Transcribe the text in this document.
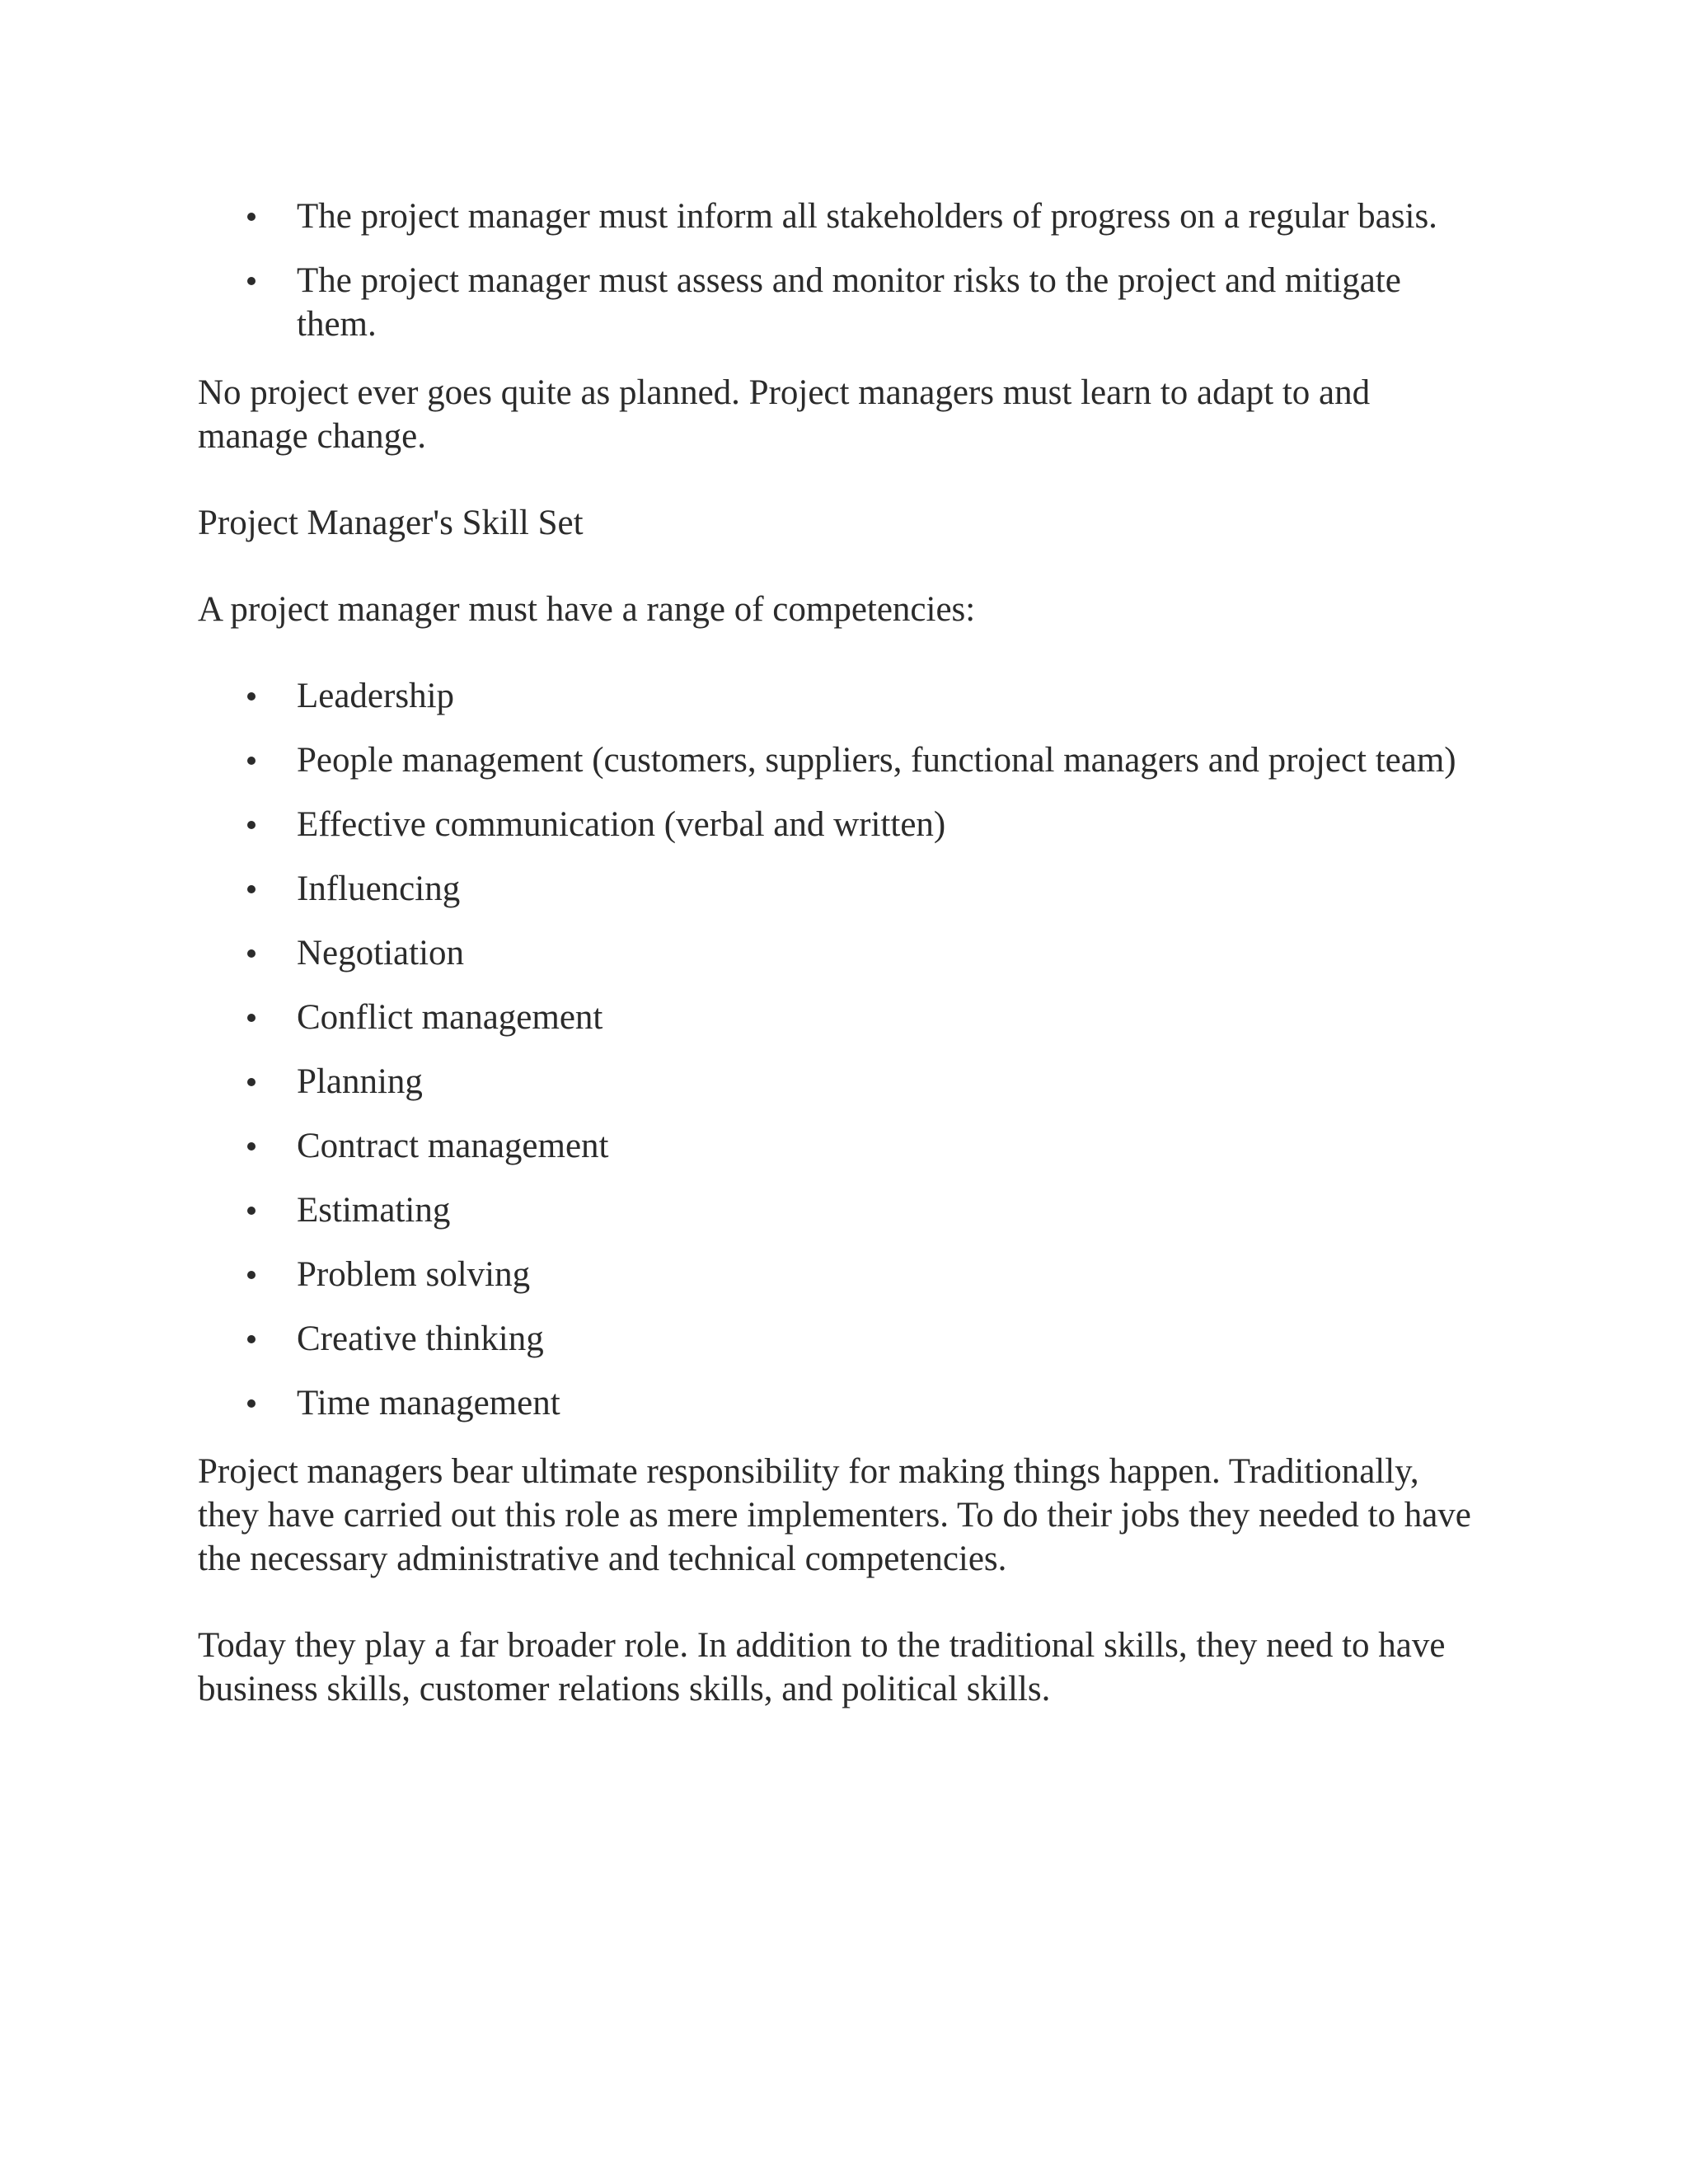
The project manager must inform all stakeholders of progress on a regular basis.
The project manager must assess and monitor risks to the project and mitigate them.

No project ever goes quite as planned. Project managers must learn to adapt to and manage change.

Project Manager's Skill Set

A project manager must have a range of competencies:

Leadership
People management (customers, suppliers, functional managers and project team)
Effective communication (verbal and written)
Influencing
Negotiation
Conflict management
Planning
Contract management
Estimating
Problem solving
Creative thinking
Time management

Project managers bear ultimate responsibility for making things happen. Traditionally, they have carried out this role as mere implementers. To do their jobs they needed to have the necessary administrative and technical competencies.

Today they play a far broader role. In addition to the traditional skills, they need to have business skills, customer relations skills, and political skills.
